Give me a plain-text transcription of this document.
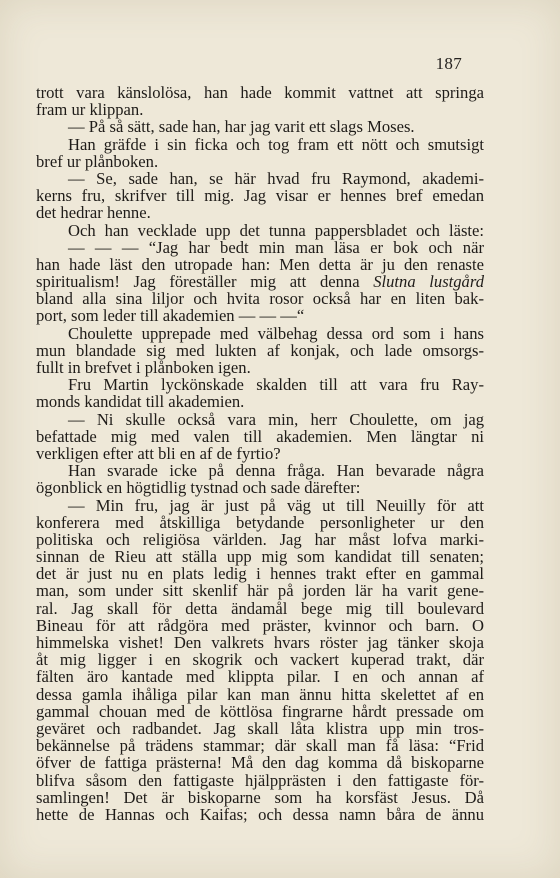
187
trott vara känslolösa, han hade kommit vattnet att springa
fram ur klippan.
— På så sätt, sade han, har jag varit ett slags Moses.
Han gräfde i sin ficka och tog fram ett nött och smutsigt
bref ur plånboken.
— Se, sade han, se här hvad fru Raymond, akademi-
kerns fru, skrifver till mig. Jag visar er hennes bref emedan
det hedrar henne.
Och han vecklade upp det tunna pappersbladet och läste:
— — — “Jag har bedt min man läsa er bok och när
han hade läst den utropade han: Men detta är ju den renaste
spiritualism! Jag föreställer mig att denna Slutna lustgård
bland alla sina liljor och hvita rosor också har en liten bak-
port, som leder till akademien — — —“
Choulette upprepade med välbehag dessa ord som i hans
mun blandade sig med lukten af konjak, och lade omsorgs-
fullt in brefvet i plånboken igen.
Fru Martin lyckönskade skalden till att vara fru Ray-
monds kandidat till akademien.
— Ni skulle också vara min, herr Choulette, om jag
befattade mig med valen till akademien. Men längtar ni
verkligen efter att bli en af de fyrtio?
Han svarade icke på denna fråga. Han bevarade några
ögonblick en högtidlig tystnad och sade därefter:
— Min fru, jag är just på väg ut till Neuilly för att
konferera med åtskilliga betydande personligheter ur den
politiska och religiösa världen. Jag har måst lofva marki-
sinnan de Rieu att ställa upp mig som kandidat till senaten;
det är just nu en plats ledig i hennes trakt efter en gammal
man, som under sitt skenlif här på jorden lär ha varit gene-
ral. Jag skall för detta ändamål bege mig till boulevard
Bineau för att rådgöra med präster, kvinnor och barn. O
himmelska vishet! Den valkrets hvars röster jag tänker skoja
åt mig ligger i en skogrik och vackert kuperad trakt, där
fälten äro kantade med klippta pilar. I en och annan af
dessa gamla ihåliga pilar kan man ännu hitta skelettet af en
gammal chouan med de köttlösa fingrarne hårdt pressade om
geväret och radbandet. Jag skall låta klistra upp min tros-
bekännelse på trädens stammar; där skall man få läsa: “Frid
öfver de fattiga prästerna! Må den dag komma då biskoparne
blifva såsom den fattigaste hjälpprästen i den fattigaste för-
samlingen! Det är biskoparne som ha korsfäst Jesus. Då
hette de Hannas och Kaifas; och dessa namn båra de ännu
